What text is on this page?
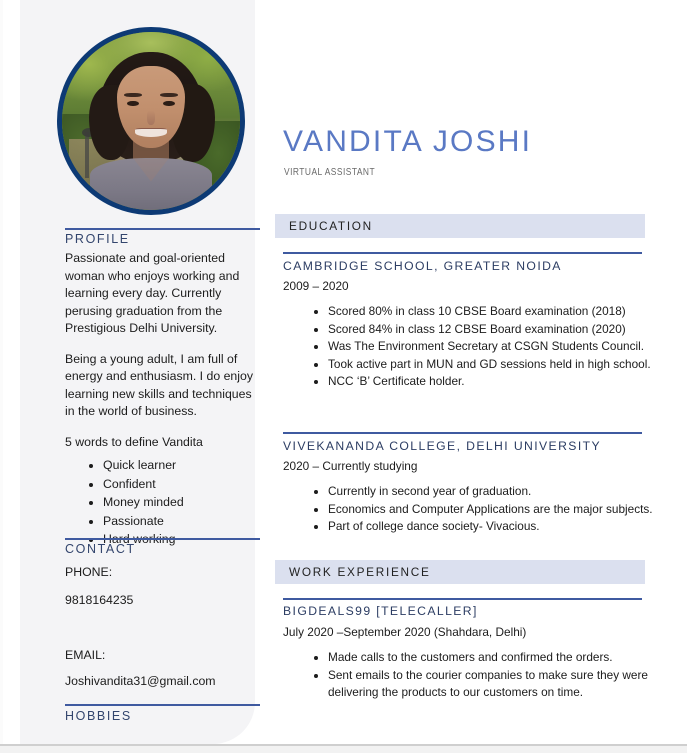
PROFILE

Passionate and goal-oriented woman who enjoys working and learning every day. Currently perusing graduation from the Prestigious Delhi University.

Being a young adult, I am full of energy and enthusiasm. I do enjoy learning new skills and techniques in the world of business.

5 words to define Vandita

• Quick learner
• Confident
• Money minded
• Passionate
•
CONTACT
PHONE:
9818164235
EMAIL:
Joshivandita31@gmail.com
HOBBIES
VANDITA JOSHI
VIRTUAL ASSISTANT
EDUCATION
CAMBRIDGE SCHOOL, GREATER NOIDA
2009 – 2020
• Scored 80% in class 10 CBSE Board examination (2018)
• Scored 84% in class 12 CBSE Board examination (2020)
• Was The Environment Secretary at CSGN Students Council.
• Took active part in MUN and GD sessions held in high school.
• NCC ‘B’ Certificate holder.
VIVEKANANDA COLLEGE, DELHI UNIVERSITY
2020 – Currently studying
• Currently in second year of graduation.
• Economics and Computer Applications are the major subjects.
• Part of college dance society- Vivacious.
WORK EXPERIENCE
BIGDEALS99 [TELECALLER]
July 2020 –September 2020 (Shahdara, Delhi)
• Made calls to the customers and confirmed the orders.
• Sent emails to the courier companies to make sure they were delivering the products to our customers on time.
